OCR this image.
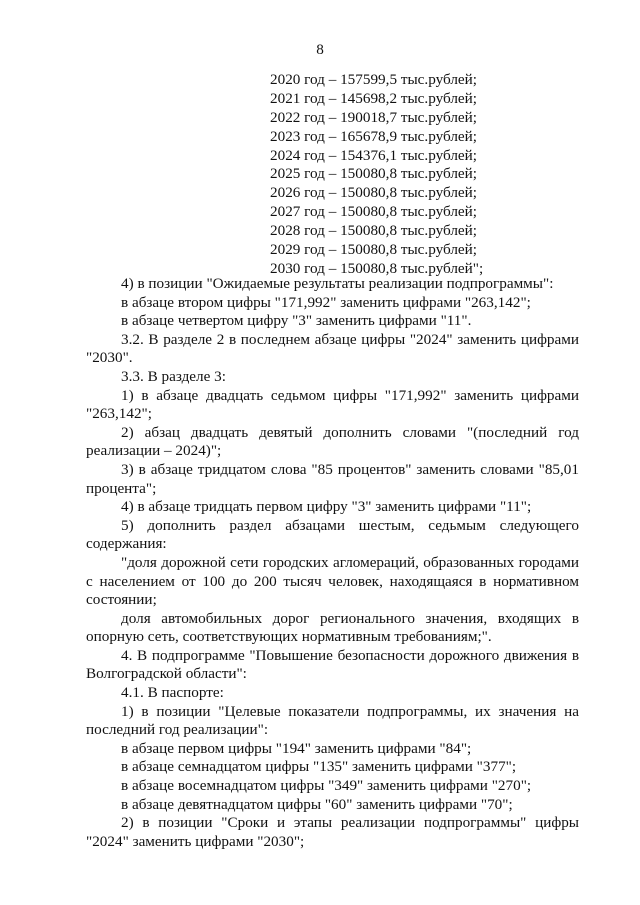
8
2020 год – 157599,5 тыс.рублей;
2021 год – 145698,2 тыс.рублей;
2022 год – 190018,7 тыс.рублей;
2023 год – 165678,9 тыс.рублей;
2024 год – 154376,1 тыс.рублей;
2025 год – 150080,8 тыс.рублей;
2026 год – 150080,8 тыс.рублей;
2027 год – 150080,8 тыс.рублей;
2028 год – 150080,8 тыс.рублей;
2029 год – 150080,8 тыс.рублей;
2030 год – 150080,8 тыс.рублей";

4) в позиции "Ожидаемые результаты реализации подпрограммы":

в абзаце втором цифры "171,992" заменить цифрами "263,142";

в абзаце четвертом цифру "3" заменить цифрами "11".

3.2. В разделе 2 в последнем абзаце цифры "2024" заменить цифрами "2030".

3.3. В разделе 3:

1) в абзаце двадцать седьмом цифры "171,992" заменить цифрами "263,142";

2) абзац двадцать девятый дополнить словами "(последний год реализации – 2024)";

3) в абзаце тридцатом слова "85 процентов" заменить словами "85,01 процента";

4) в абзаце тридцать первом цифру "3" заменить цифрами "11";

5) дополнить раздел абзацами шестым, седьмым следующего содержания:

"доля дорожной сети городских агломераций, образованных городами с населением от 100 до 200 тысяч человек, находящаяся в нормативном состоянии;

доля автомобильных дорог регионального значения, входящих в опорную сеть, соответствующих нормативным требованиям;".

4. В подпрограмме "Повышение безопасности дорожного движения в Волгоградской области":

4.1. В паспорте:

1) в позиции "Целевые показатели подпрограммы, их значения на последний год реализации":

в абзаце первом цифры "194" заменить цифрами "84";

в абзаце семнадцатом цифры "135" заменить цифрами "377";

в абзаце восемнадцатом цифры "349" заменить цифрами "270";

в абзаце девятнадцатом цифры "60" заменить цифрами "70";

2) в позиции "Сроки и этапы реализации подпрограммы" цифры "2024" заменить цифрами "2030";
